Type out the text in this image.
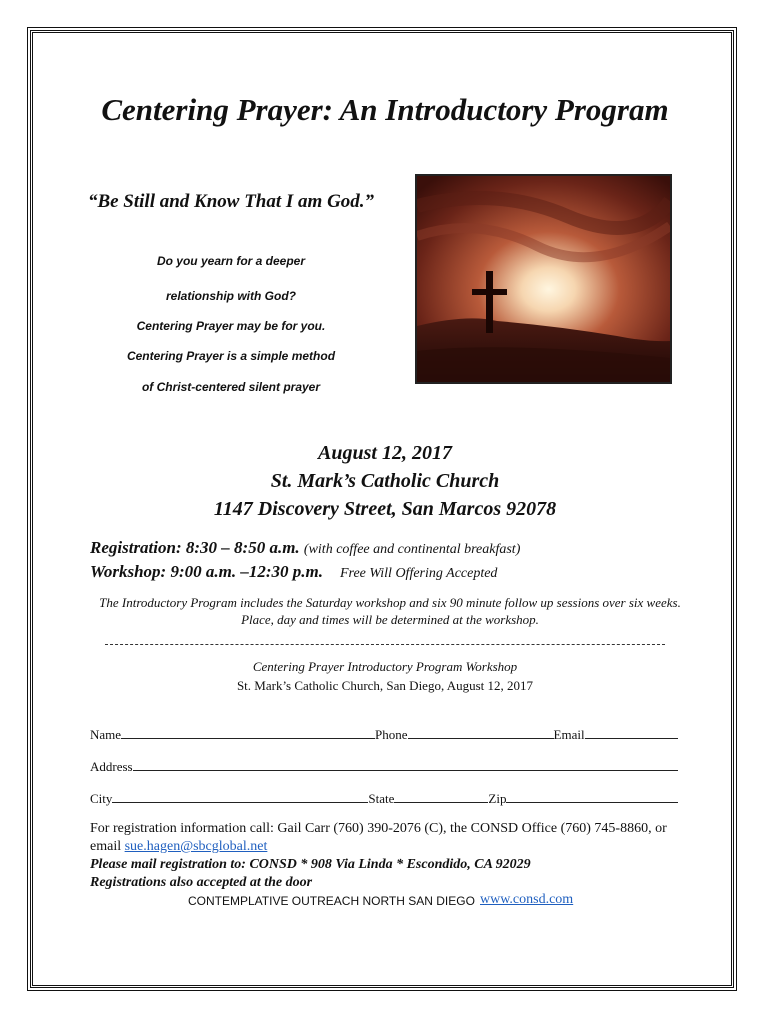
Centering Prayer: An Introductory Program
“Be Still and Know That I am God.”
Do you yearn for a deeper
relationship with God?
Centering Prayer may be for you.
Centering Prayer is a simple method
of Christ-centered silent prayer
August 12, 2017
St. Mark’s Catholic Church
1147 Discovery Street, San Marcos 92078
Registration: 8:30 – 8:50 a.m. (with coffee and continental breakfast)
Workshop: 9:00 a.m. –12:30 p.m. Free Will Offering Accepted
The Introductory Program includes the Saturday workshop and six 90 minute follow up sessions over six weeks. Place, day and times will be determined at the workshop.
Centering Prayer Introductory Program Workshop
St. Mark’s Catholic Church, San Diego, August 12, 2017
Name	Phone	Email
Address
City	State	Zip
For registration information call: Gail Carr (760) 390-2076 (C), the CONSD Office (760) 745-8860, or email sue.hagen@sbcglobal.net
Please mail registration to: CONSD * 908 Via Linda * Escondido, CA 92029
Registrations also accepted at the door
CONTEMPLATIVE OUTREACH NORTH SAN DIEGO www.consd.com
